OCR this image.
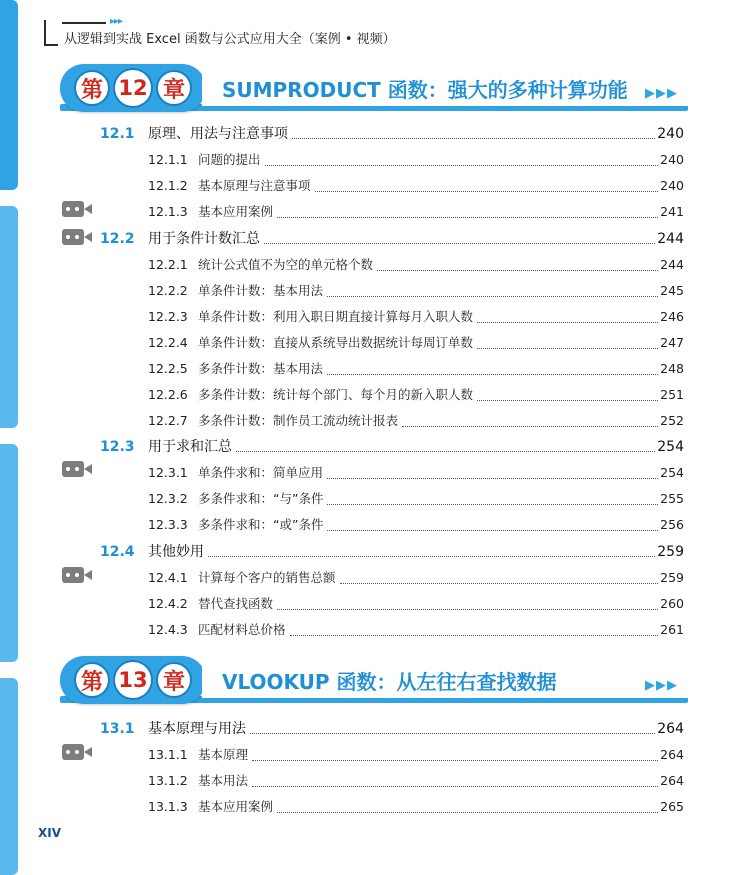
▸▸▸
从逻辑到实战 Excel 函数与公式应用大全（案例 • 视频）
第 12 章	SUMPRODUCT 函数：强大的多种计算功能 ▶▶▶
第 13 章	VLOOKUP 函数：从左往右查找数据	▶▶▶
12.1 原理、用法与注意事项	240
12.1.1 问题的提出	240
12.1.2 基本原理与注意事项	240
12.1.3 基本应用案例	241
12.2 用于条件计数汇总	244
12.2.1 统计公式值不为空的单元格个数	244
12.2.2 单条件计数：基本用法	245
12.2.3 单条件计数：利用入职日期直接计算每月入职人数	246
12.2.4 单条件计数：直接从系统导出数据统计每周订单数	247
12.2.5 多条件计数：基本用法	248
12.2.6 多条件计数：统计每个部门、每个月的新入职人数	251
12.2.7 多条件计数：制作员工流动统计报表	252
12.3 用于求和汇总	254
12.3.1 单条件求和：简单应用	254
12.3.2 多条件求和：“与”条件	255
12.3.3 多条件求和：“或”条件	256
12.4 其他妙用	259
12.4.1 计算每个客户的销售总额	259
12.4.2 替代查找函数	260
12.4.3 匹配材料总价格	261
13.1 基本原理与用法	264
13.1.1 基本原理	264
13.1.2 基本用法	264
13.1.3 基本应用案例	265
XIV
